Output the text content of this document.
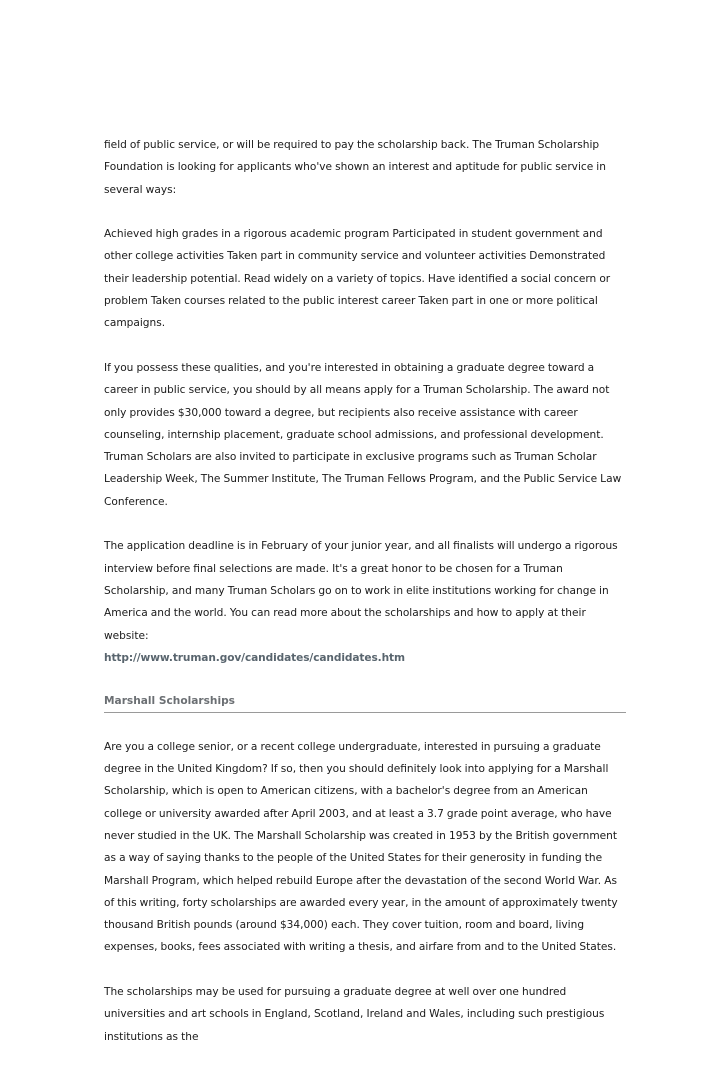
field of public service, or will be required to pay the scholarship back. The Truman Scholarship Foundation is looking for applicants who've shown an interest and aptitude for public service in several ways:

Achieved high grades in a rigorous academic program Participated in student government and other college activities Taken part in community service and volunteer activities Demonstrated their leadership potential. Read widely on a variety of topics. Have identified a social concern or problem Taken courses related to the public interest career Taken part in one or more political campaigns.

If you possess these qualities, and you're interested in obtaining a graduate degree toward a career in public service, you should by all means apply for a Truman Scholarship. The award not only provides $30,000 toward a degree, but recipients also receive assistance with career counseling, internship placement, graduate school admissions, and professional development. Truman Scholars are also invited to participate in exclusive programs such as Truman Scholar Leadership Week, The Summer Institute, The Truman Fellows Program, and the Public Service Law Conference.

The application deadline is in February of your junior year, and all finalists will undergo a rigorous interview before final selections are made. It's a great honor to be chosen for a Truman Scholarship, and many Truman Scholars go on to work in elite institutions working for change in America and the world. You can read more about the scholarships and how to apply at their website:

http://www.truman.gov/candidates/candidates.htm
Marshall Scholarships

Are you a college senior, or a recent college undergraduate, interested in pursuing a graduate degree in the United Kingdom? If so, then you should definitely look into applying for a Marshall Scholarship, which is open to American citizens, with a bachelor's degree from an American college or university awarded after April 2003, and at least a 3.7 grade point average, who have never studied in the UK. The Marshall Scholarship was created in 1953 by the British government as a way of saying thanks to the people of the United States for their generosity in funding the Marshall Program, which helped rebuild Europe after the devastation of the second World War. As of this writing, forty scholarships are awarded every year, in the amount of approximately twenty thousand British pounds (around $34,000) each. They cover tuition, room and board, living expenses, books, fees associated with writing a thesis, and airfare from and to the United States.

The scholarships may be used for pursuing a graduate degree at well over one hundred universities and art schools in England, Scotland, Ireland and Wales, including such prestigious institutions as the
